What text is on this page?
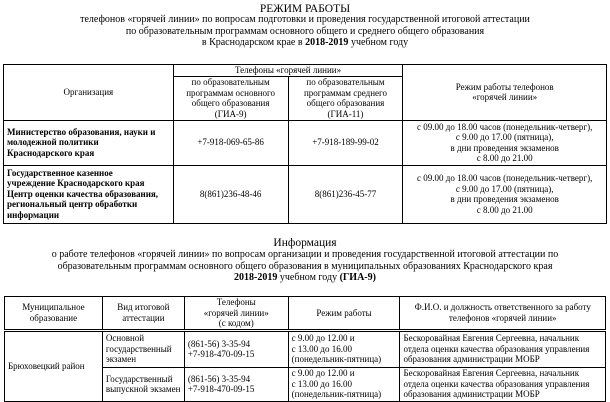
РЕЖИМ РАБОТЫ
телефонов «горячей линии» по вопросам подготовки и проведения государственной итоговой аттестации
по образовательным программам основного общего и среднего общего образования
в Краснодарском крае в 2018-2019 учебном году
Организация	Телефоны «горячей линии»		Режим работы телефонов
«горячей линии»

	по образовательным
программам основного
общего образования
(ГИА-9)	по образовательным
программам среднего
общего образования
(ГИА-11)	

Министерство образования, науки и
молодежной политики
Краснодарского края	+7-918-069-65-86	+7-918-189-99-02	с 09.00 до 18.00 часов (понедельник-четверг),
с 9.00 до 17.00 (пятница),
в дни проведения экзаменов
с 8.00 до 21.00

Государственное казенное
учреждение Краснодарского края
Центр оценки качества образования,
региональный центр обработки
информации	8(861)236-48-46	8(861)236-45-77	с 09.00 до 18.00 часов (понедельник-четверг),
с 9.00 до 17.00 (пятница),
в дни проведения экзаменов
с 8.00 до 21.00
Информация
о работе телефонов «горячей линии» по вопросам организации и проведения государственной итоговой аттестации по
образовательным программам основного общего образования в муниципальных образованиях Краснодарского края
2018-2019 учебном году (ГИА-9)
Муниципальное
образование	Вид итоговой
аттестации	Телефоны
«горячей линии»
(с кодом)	Режим работы	Ф.И.О. и должность ответственного за работу
телефонов «горячей линии»

Брюховецкий район	Основной
государственный
экзамен	(861-56) 3-35-94
+7-918-470-09-15	с 9.00 до 12.00 и
с 13.00 до 16.00
(понедельник-пятница)	Бескоровайная Евгения Сергеевна, начальник
отдела оценки качества образования управления
образования администрации МОБР

	Государственный
выпускной экзамен	(861-56) 3-35-94
+7-918-470-09-15	с 9.00 до 12.00 и
с 13.00 до 16.00
(понедельник-пятница)	Бескоровайная Евгения Сергеевна, начальник
отдела оценки качества образования управления
образования администрации МОБР
